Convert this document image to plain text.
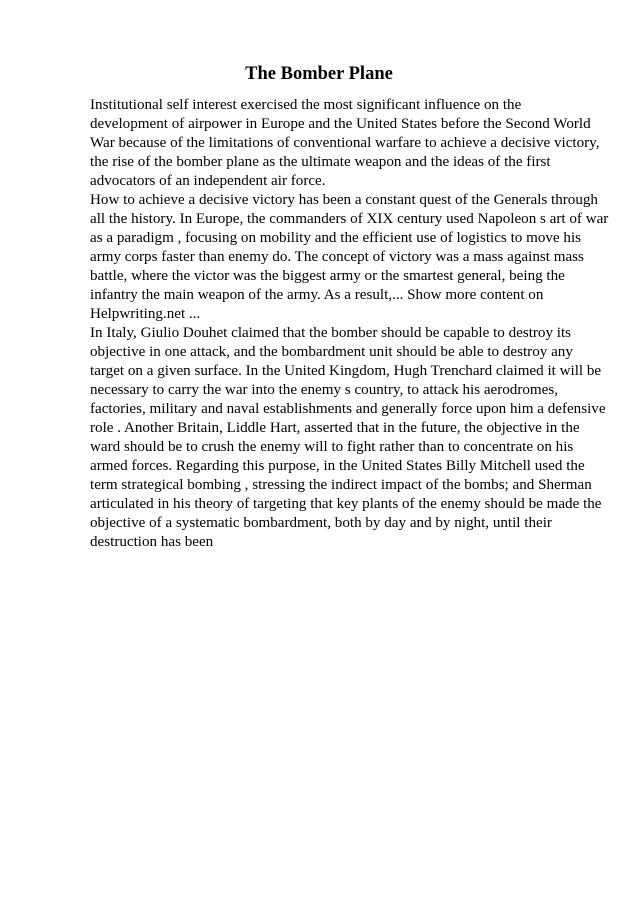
The Bomber Plane
Institutional self interest exercised the most significant influence on the
development of airpower in Europe and the United States before the Second World
War because of the limitations of conventional warfare to achieve a decisive victory,
the rise of the bomber plane as the ultimate weapon and the ideas of the first
advocators of an independent air force.
How to achieve a decisive victory has been a constant quest of the Generals through
all the history. In Europe, the commanders of XIX century used Napoleon s art of war
as a paradigm , focusing on mobility and the efficient use of logistics to move his
army corps faster than enemy do. The concept of victory was a mass against mass
battle, where the victor was the biggest army or the smartest general, being the
infantry the main weapon of the army. As a result,... Show more content on
Helpwriting.net ...
In Italy, Giulio Douhet claimed that the bomber should be capable to destroy its
objective in one attack, and the bombardment unit should be able to destroy any
target on a given surface. In the United Kingdom, Hugh Trenchard claimed it will be
necessary to carry the war into the enemy s country, to attack his aerodromes,
factories, military and naval establishments and generally force upon him a defensive
role . Another Britain, Liddle Hart, asserted that in the future, the objective in the
ward should be to crush the enemy will to fight rather than to concentrate on his
armed forces. Regarding this purpose, in the United States Billy Mitchell used the
term strategical bombing , stressing the indirect impact of the bombs; and Sherman
articulated in his theory of targeting that key plants of the enemy should be made the
objective of a systematic bombardment, both by day and by night, until their
destruction has been
